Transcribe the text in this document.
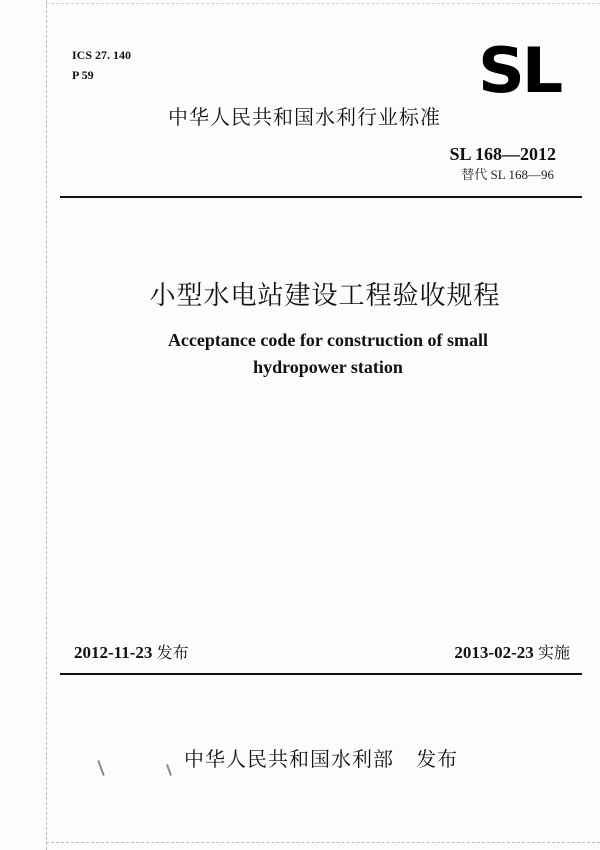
ICS 27. 140
P 59	SL
中华人民共和国水利行业标准
SL 168—2012
替代 SL 168—96
小型水电站建设工程验收规程
Acceptance code for construction of small
hydropower station
2012-11-23 发布	2013-02-23 实施
中华人民共和国水利部 发布
